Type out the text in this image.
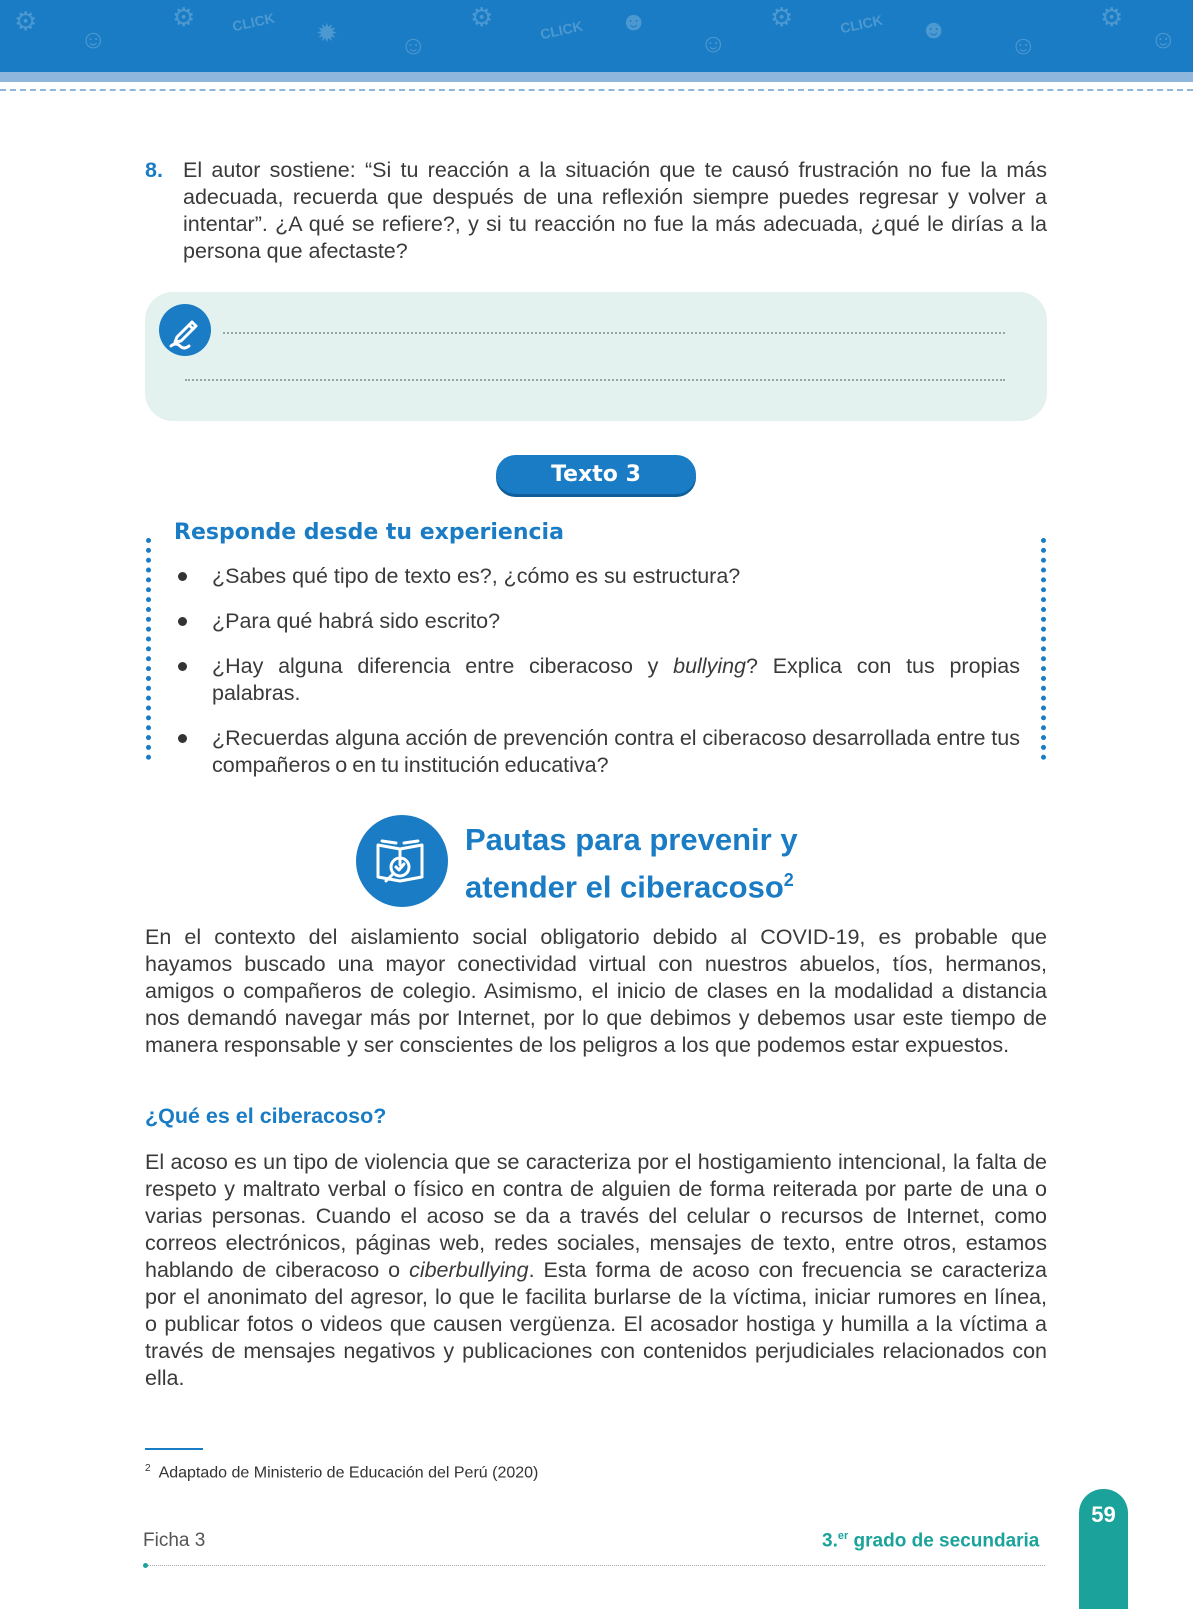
⚙
☺
⚙	CLICK ✹ ☺
⚙	CLICK ☻
☺
⚙	CLICK ☻
☺
⚙
☺
8. El autor sostiene: “Si tu reacción a la situación que te causó frustración no fue la más adecuada, recuerda que después de una reflexión siempre puedes regresar y volver a intentar”. ¿A qué se refiere?, y si tu reacción no fue la más adecuada, ¿qué le dirías a la persona que afectaste?
Texto 3
Responde desde tu experiencia
¿Sabes qué tipo de texto es?, ¿cómo es su estructura?
¿Para qué habrá sido escrito?
¿Hay alguna diferencia entre ciberacoso y bullying? Explica con tus propias palabras.
¿Recuerdas alguna acción de prevención contra el ciberacoso desarrollada entre tus compañeros o en tu institución educativa?
Pautas para prevenir y
atender el ciberacoso$^2$
En el contexto del aislamiento social obligatorio debido al COVID-19, es probable que hayamos buscado una mayor conectividad virtual con nuestros abuelos, tíos, hermanos, amigos o compañeros de colegio. Asimismo, el inicio de clases en la modalidad a distancia nos demandó navegar más por Internet, por lo que debimos y debemos usar este tiempo de manera responsable y ser conscientes de los peligros a los que podemos estar expuestos.
¿Qué es el ciberacoso?
El acoso es un tipo de violencia que se caracteriza por el hostigamiento intencional, la falta de respeto y maltrato verbal o físico en contra de alguien de forma reiterada por parte de una o varias personas. Cuando el acoso se da a través del celular o recursos de Internet, como correos electrónicos, páginas web, redes sociales, mensajes de texto, entre otros, estamos hablando de ciberacoso o ciberbullying. Esta forma de acoso con frecuencia se caracteriza por el anonimato del agresor, lo que le facilita burlarse de la víctima, iniciar rumores en línea, o publicar fotos o videos que causen vergüenza. El acosador hostiga y humilla a la víctima a través de mensajes negativos y publicaciones con contenidos perjudiciales relacionados con ella.
$^2$ Adaptado de Ministerio de Educación del Perú (2020)
Ficha 3	3.$^{er}$ grado de secundaria
59
